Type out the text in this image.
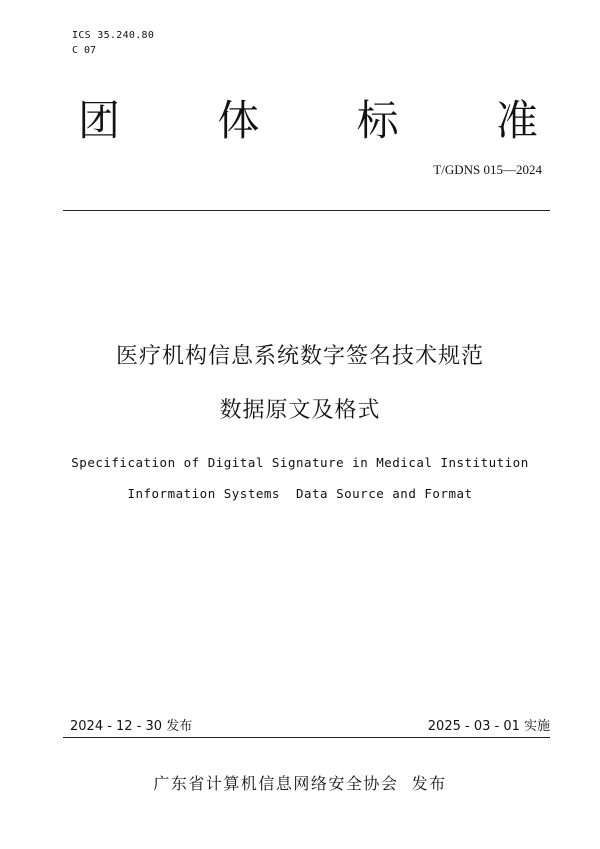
ICS 35.240.80
C 07
团 体 标 准
T/GDNS 015—2024
医疗机构信息系统数字签名技术规范
数据原文及格式
Specification of Digital Signature in Medical Institution
Information Systems  Data Source and Format
2024 - 12 - 30 发布	2025 - 03 - 01 实施
广东省计算机信息网络安全协会  发布
